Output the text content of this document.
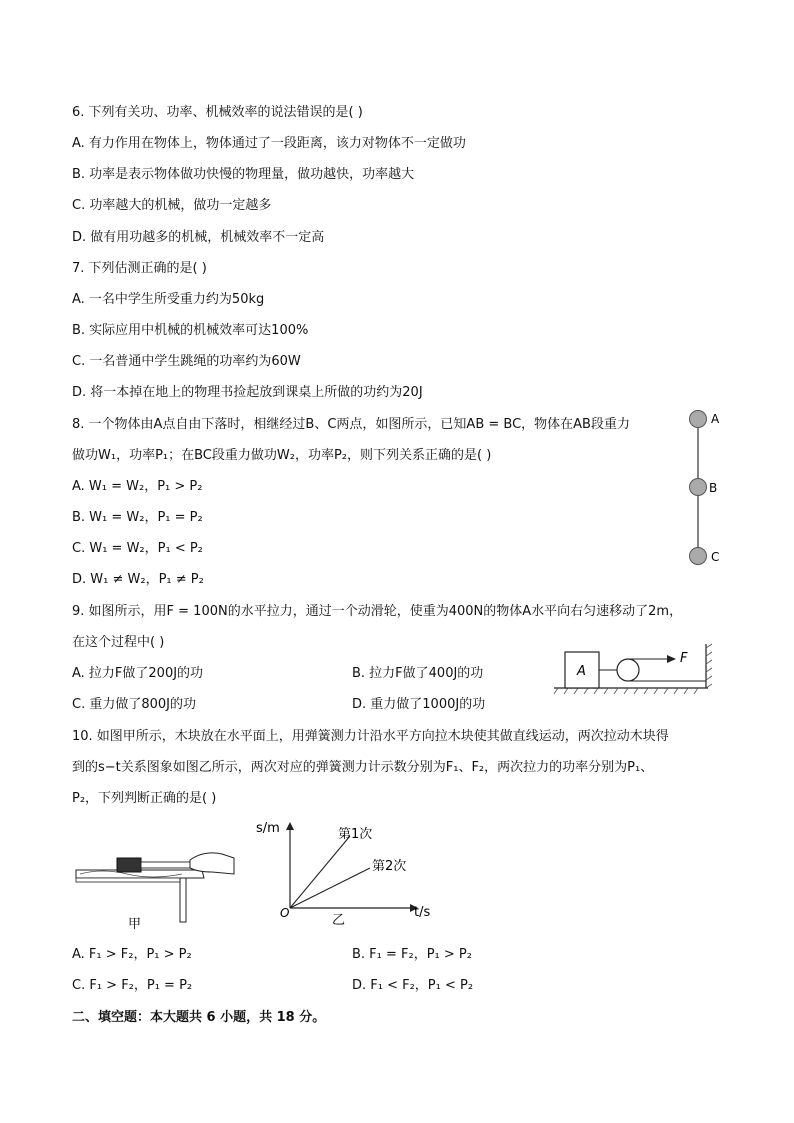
6. 下列有关功、功率、机械效率的说法错误的是( )
A. 有力作用在物体上，物体通过了一段距离，该力对物体不一定做功
B. 功率是表示物体做功快慢的物理量，做功越快，功率越大
C. 功率越大的机械，做功一定越多
D. 做有用功越多的机械，机械效率不一定高
7. 下列估测正确的是( )
A. 一名中学生所受重力约为50kg
B. 实际应用中机械的机械效率可达100%
C. 一名普通中学生跳绳的功率约为60W
D. 将一本掉在地上的物理书捡起放到课桌上所做的功约为20J
8. 一个物体由A点自由下落时，相继经过B、C两点，如图所示，已知AB = BC，物体在AB段重力
做功W₁，功率P₁；在BC段重力做功W₂，功率P₂，则下列关系正确的是( )
A. W₁ = W₂，P₁ > P₂
B. W₁ = W₂，P₁ = P₂
C. W₁ = W₂，P₁ < P₂
D. W₁ ≠ W₂，P₁ ≠ P₂
A
B
C
9. 如图所示，用F = 100N的水平拉力，通过一个动滑轮，使重为400N的物体A水平向右匀速移动了2m，
在这个过程中( )
A. 拉力F做了200J的功	B. 拉力F做了400J的功
C. 重力做了800J的功	D. 重力做了1000J的功
A
F
10. 如图甲所示，木块放在水平面上，用弹簧测力计沿水平方向拉木块使其做直线运动，两次拉动木块得
到的s−t关系图象如图乙所示，两次对应的弹簧测力计示数分别为F₁、F₂，两次拉力的功率分别为P₁、
P₂，下列判断正确的是( )
甲
s/m
t/s
O
第1次
第2次
乙
A. F₁ > F₂，P₁ > P₂	B. F₁ = F₂，P₁ > P₂
C. F₁ > F₂，P₁ = P₂	D. F₁ < F₂，P₁ < P₂
二、填空题：本大题共 6 小题，共 18 分。
